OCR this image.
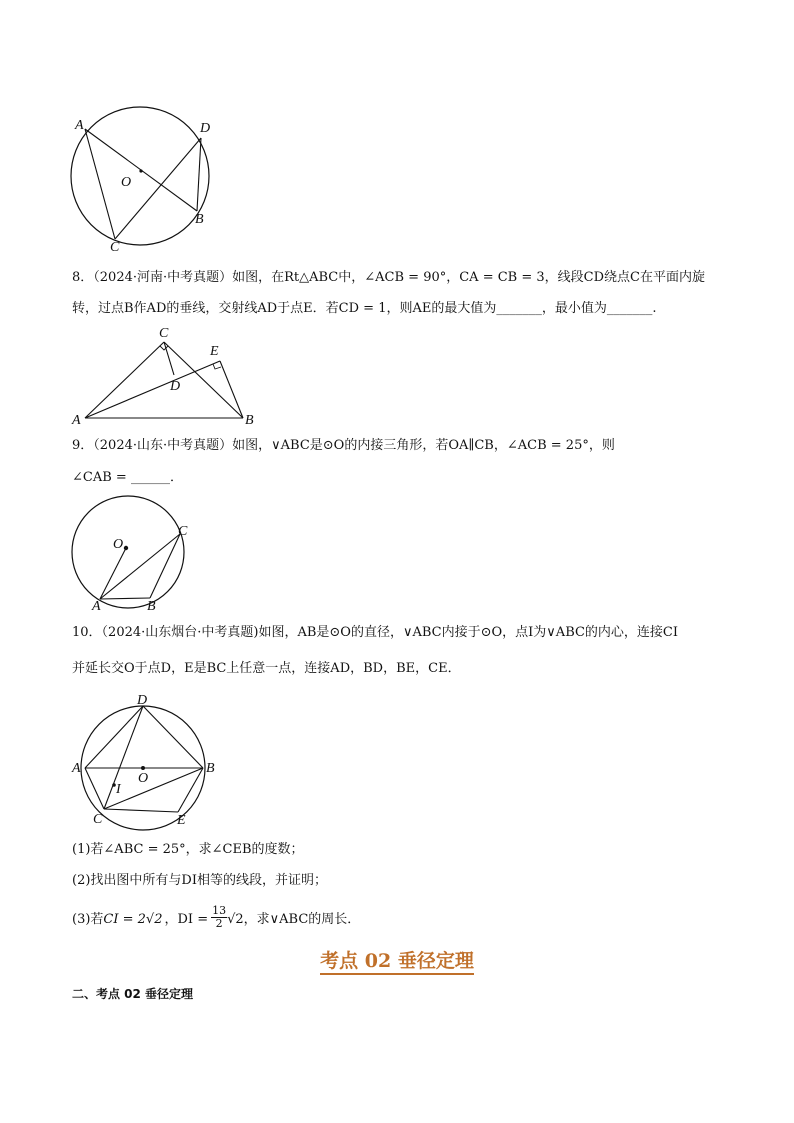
A	D
O
B
C
8．（2024·河南·中考真题）如图，在Rt△ABC中，∠ACB = 90°，CA = CB = 3，线段CD绕点C在平面内旋
转，过点B作AD的垂线，交射线AD于点E．若CD = 1，则AE的最大值为_______，最小值为_______.
C
E
D
A	B
9．（2024·山东·中考真题）如图，∨ABC是⊙O的内接三角形，若OA∥CB，∠ACB = 25°，则
∠CAB = ______．
O
C
A	B
10．（2024·山东烟台·中考真题)如图，AB是⊙O的直径，∨ABC内接于⊙O，点I为∨ABC的内心，连接CI
并延长交O于点D，E是BC上任意一点，连接AD，BD，BE，CE．
D
A
O
B
I
C	E
(1)若∠ABC = 25°，求∠CEB的度数；
(2)找出图中所有与DI相等的线段，并证明；
(3)若 CI = 2√2 ，DI = $\frac{13}{2} √2$ ，求∨ABC的周长．
考点 02 垂径定理
二、考点 02 垂径定理
